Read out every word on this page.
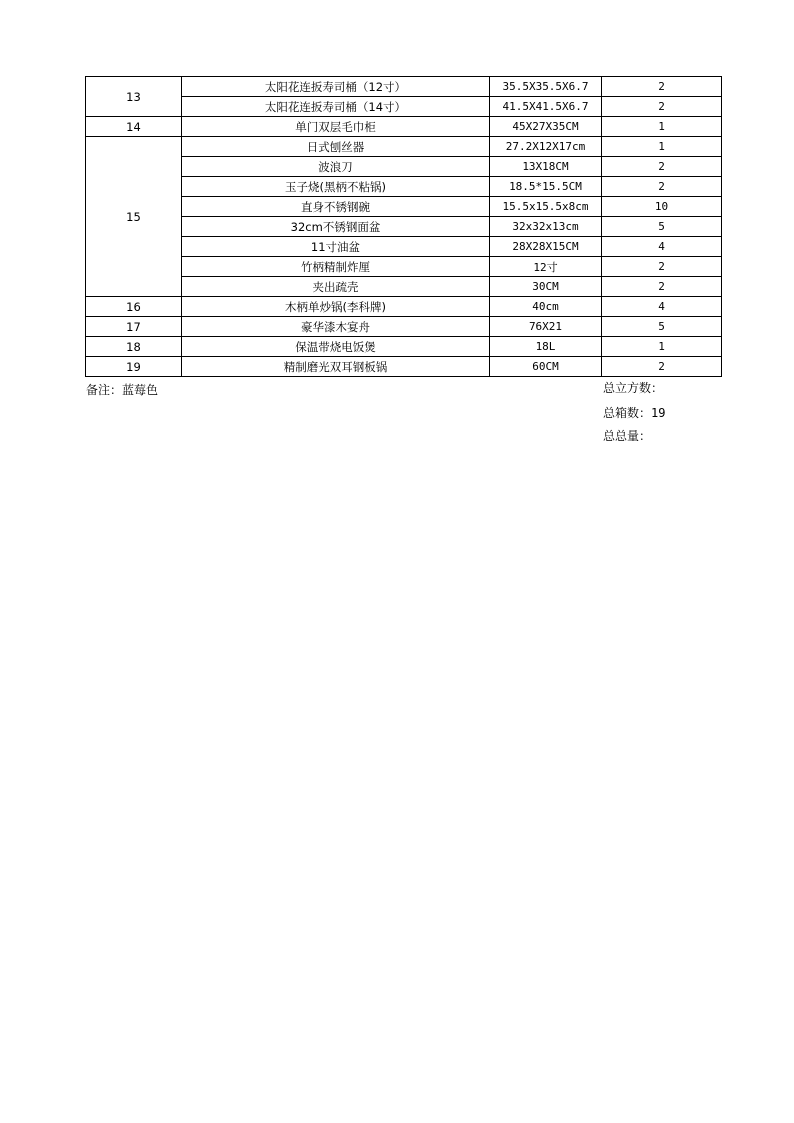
13	太阳花连扳寿司桶（12寸）	35.5X35.5X6.7	2
	太阳花连扳寿司桶（14寸）	41.5X41.5X6.7	2
14	单门双层毛巾柜	45X27X35CM	1
15	日式刨丝器	27.2X12X17cm	1
	波浪刀	13X18CM	2
	玉子烧(黑柄不粘锅)	18.5*15.5CM	2
	直身不锈钢碗	15.5x15.5x8cm	10
	32cm不锈钢面盆	32x32x13cm	5
	11寸油盆	28X28X15CM	4
	竹柄精制炸厘	12寸	2
	夹出疏壳	30CM	2
16	木柄单炒锅(李科牌)	40cm	4
17	豪华漆木宴舟	76X21	5
18	保温带烧电饭煲	18L	1
19	精制磨光双耳钢板锅	60CM	2
备注：蓝莓色	总立方数：
总箱数：19
总总量：
